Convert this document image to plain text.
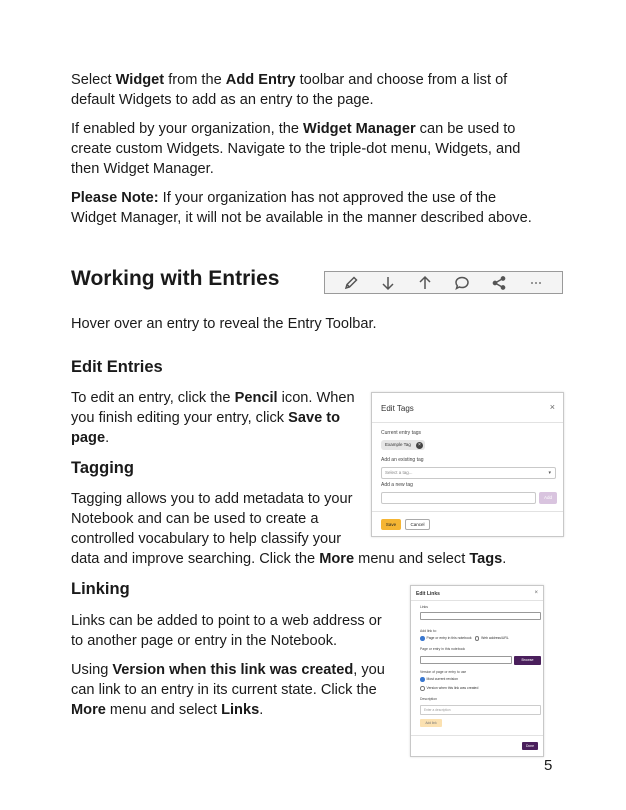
Select Widget from the Add Entry toolbar and choose from a list of
default Widgets to add as an entry to the page.
If enabled by your organization, the Widget Manager can be used to
create custom Widgets. Navigate to the triple-dot menu, Widgets, and
then Widget Manager.
Please Note: If your organization has not approved the use of the
Widget Manager, it will not be available in the manner described above.
Working with Entries
Hover over an entry to reveal the Entry Toolbar.
Edit Entries
To edit an entry, click the Pencil icon. When
you finish editing your entry, click Save to
page.
Tagging
Tagging allows you to add metadata to your
Notebook and can be used to create a
controlled vocabulary to help classify your
data and improve searching. Click the More menu and select Tags.
Edit Tags	×
Current entry tags
Example Tag	×
Add an existing tag
Select a tag...	▾
Add a new tag
Add
Save	Cancel
Linking
Links can be added to point to a web address or
to another page or entry in the Notebook.
Using Version when this link was created, you
can link to an entry in its current state. Click the
More menu and select Links.
Edit Links	×
Links
Add link to:
Page or entry in this notebook	Web address/URL
Page or entry in this notebook
Browse
Version of page or entry to use
Most current revision
Version when this link was created
Description
Enter a description
Add link
Done
5
